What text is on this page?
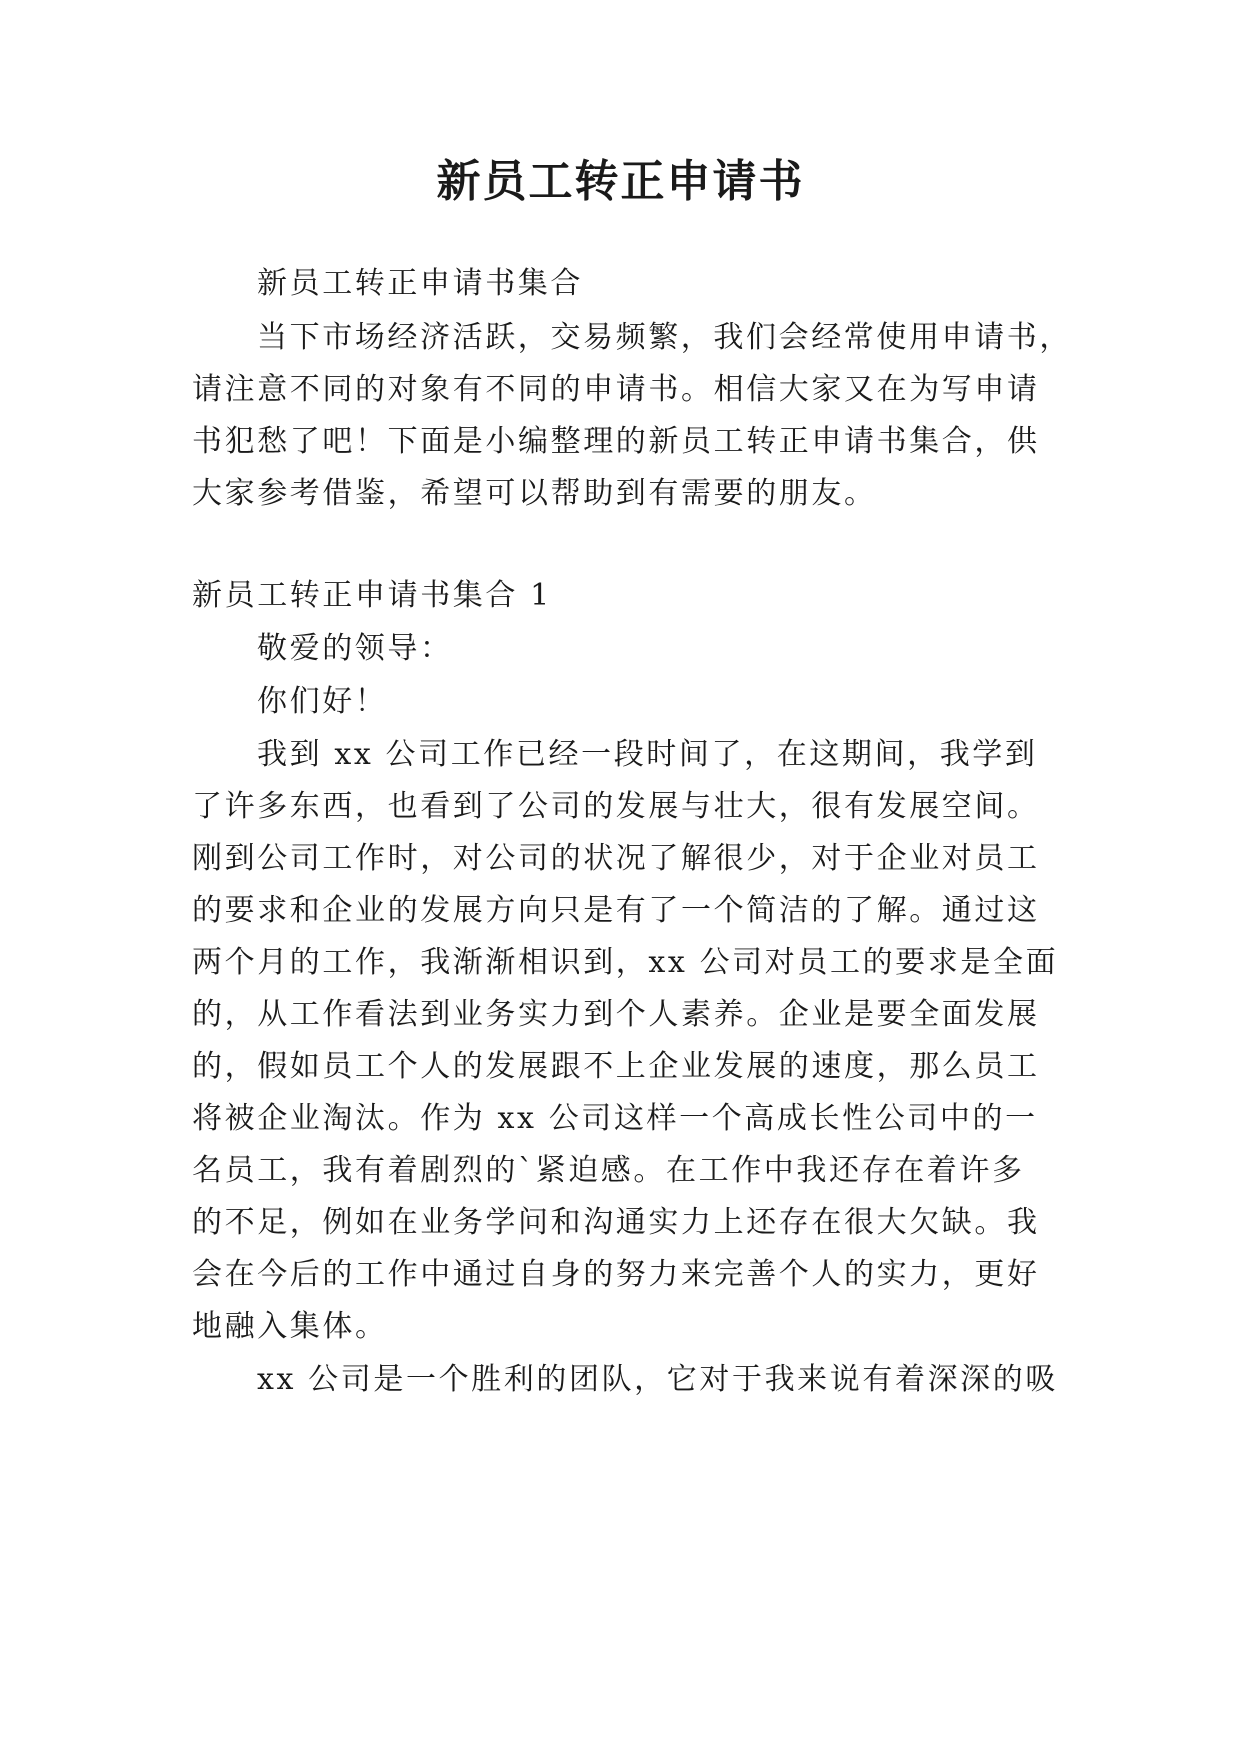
新员工转正申请书

新员工转正申请书集合

当下市场经济活跃，交易频繁，我们会经常使用申请书，

请注意不同的对象有不同的申请书。相信大家又在为写申请

书犯愁了吧！下面是小编整理的新员工转正申请书集合，供

大家参考借鉴，希望可以帮助到有需要的朋友。

新员工转正申请书集合 1

敬爱的领导：

你们好！

我到 xx 公司工作已经一段时间了，在这期间，我学到

了许多东西，也看到了公司的发展与壮大，很有发展空间。

刚到公司工作时，对公司的状况了解很少，对于企业对员工

的要求和企业的发展方向只是有了一个简洁的了解。通过这

两个月的工作，我渐渐相识到，xx 公司对员工的要求是全面

的，从工作看法到业务实力到个人素养。企业是要全面发展

的，假如员工个人的发展跟不上企业发展的速度，那么员工

将被企业淘汰。作为 xx 公司这样一个高成长性公司中的一

名员工，我有着剧烈的`紧迫感。在工作中我还存在着许多

的不足，例如在业务学问和沟通实力上还存在很大欠缺。我

会在今后的工作中通过自身的努力来完善个人的实力，更好

地融入集体。

xx 公司是一个胜利的团队，它对于我来说有着深深的吸
